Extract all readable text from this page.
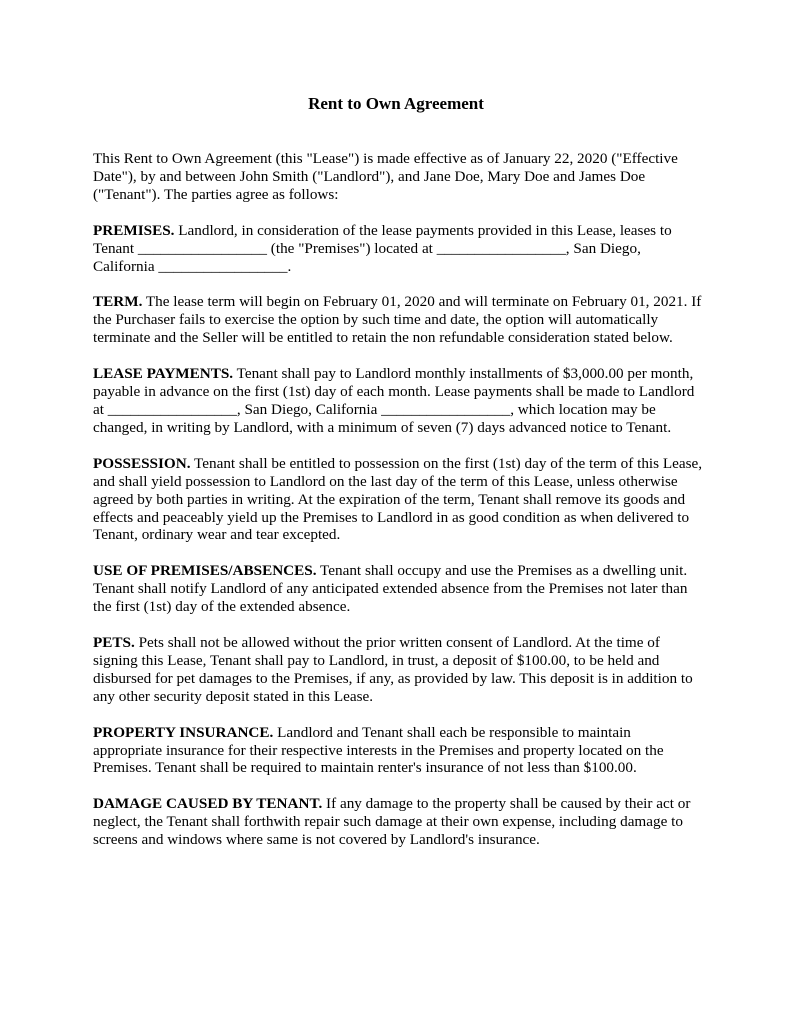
Rent to Own Agreement

This Rent to Own Agreement (this "Lease") is made effective as of January 22, 2020 ("Effective Date"), by and between John Smith ("Landlord"), and Jane Doe, Mary Doe and James Doe ("Tenant"). The parties agree as follows:

PREMISES. Landlord, in consideration of the lease payments provided in this Lease, leases to Tenant _________________ (the "Premises") located at _________________, San Diego, California _________________.

TERM. The lease term will begin on February 01, 2020 and will terminate on February 01, 2021. If the Purchaser fails to exercise the option by such time and date, the option will automatically terminate and the Seller will be entitled to retain the non refundable consideration stated below.

LEASE PAYMENTS. Tenant shall pay to Landlord monthly installments of $3,000.00 per month, payable in advance on the first (1st) day of each month. Lease payments shall be made to Landlord at _________________, San Diego, California _________________, which location may be changed, in writing by Landlord, with a minimum of seven (7) days advanced notice to Tenant.

POSSESSION. Tenant shall be entitled to possession on the first (1st) day of the term of this Lease, and shall yield possession to Landlord on the last day of the term of this Lease, unless otherwise agreed by both parties in writing. At the expiration of the term, Tenant shall remove its goods and effects and peaceably yield up the Premises to Landlord in as good condition as when delivered to Tenant, ordinary wear and tear excepted.

USE OF PREMISES/ABSENCES. Tenant shall occupy and use the Premises as a dwelling unit. Tenant shall notify Landlord of any anticipated extended absence from the Premises not later than the first (1st) day of the extended absence.

PETS. Pets shall not be allowed without the prior written consent of Landlord. At the time of signing this Lease, Tenant shall pay to Landlord, in trust, a deposit of $100.00, to be held and disbursed for pet damages to the Premises, if any, as provided by law. This deposit is in addition to any other security deposit stated in this Lease.

PROPERTY INSURANCE. Landlord and Tenant shall each be responsible to maintain appropriate insurance for their respective interests in the Premises and property located on the Premises. Tenant shall be required to maintain renter's insurance of not less than $100.00.

DAMAGE CAUSED BY TENANT. If any damage to the property shall be caused by their act or neglect, the Tenant shall forthwith repair such damage at their own expense, including damage to screens and windows where same is not covered by Landlord's insurance.
